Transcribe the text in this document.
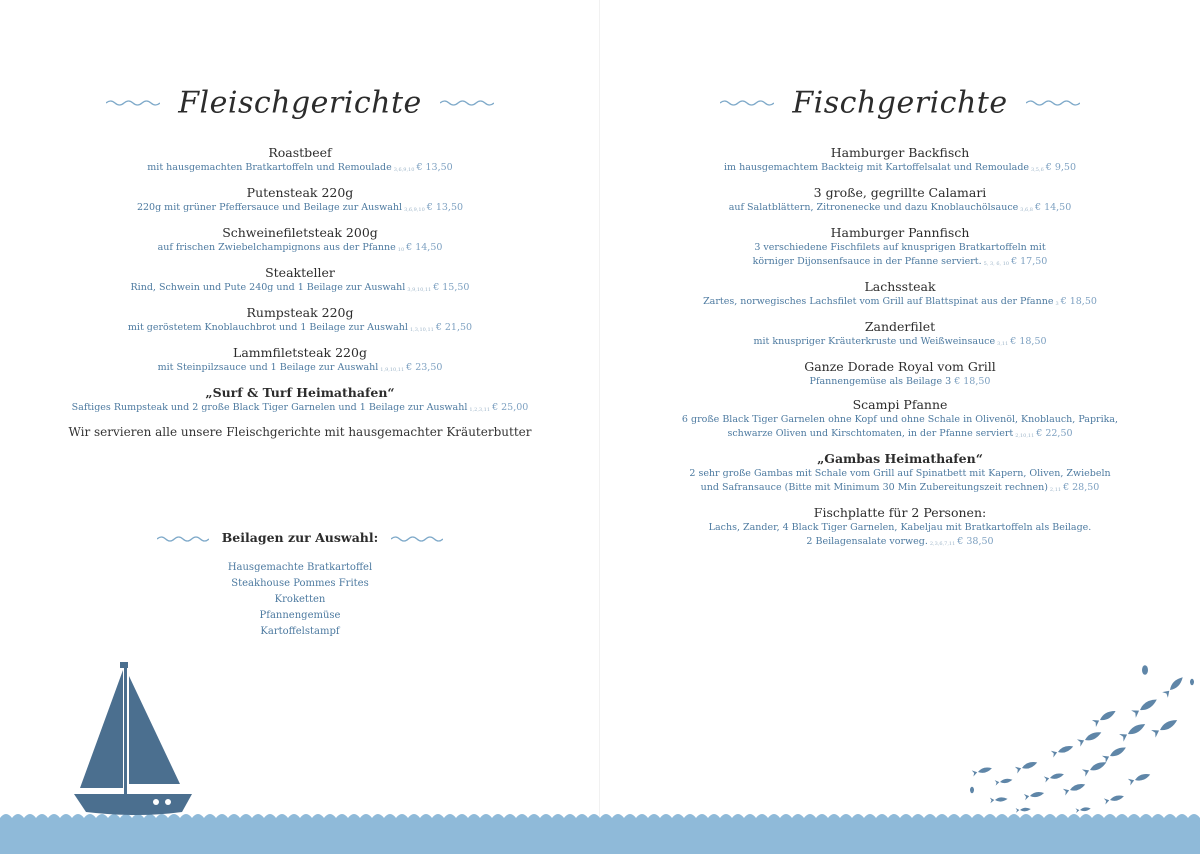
Fleischgerichte
Roastbeef
mit hausgemachten Bratkartoffeln und Remoulade $_{3,6,9,10}$ € 13,50
Putensteak 220g
220g mit grüner Pfeffersauce und Beilage zur Auswahl $_{3,6,9,10}$ € 13,50
Schweinefiletsteak 200g
auf frischen Zwiebelchampignons aus der Pfanne $_{10}$ € 14,50
Steakteller
Rind, Schwein und Pute 240g und 1 Beilage zur Auswahl $_{3,9,10,11}$ € 15,50
Rumpsteak 220g
mit geröstetem Knoblauchbrot und 1 Beilage zur Auswahl $_{1,3,10,11}$ € 21,50
Lammfiletsteak 220g
mit Steinpilzsauce und 1 Beilage zur Auswahl $_{1,9,10,11}$ € 23,50
„Surf & Turf Heimathafen“
Saftiges Rumpsteak und 2 große Black Tiger Garnelen und 1 Beilage zur Auswahl $_{1,2,3,11}$ € 25,00
Wir servieren alle unsere Fleischgerichte mit hausgemachter Kräuterbutter
Beilagen zur Auswahl:
Hausgemachte Bratkartoffel
Steakhouse Pommes Frites
Kroketten
Pfannengemüse
Kartoffelstampf
Fischgerichte
Hamburger Backfisch
im hausgemachtem Backteig mit Kartoffelsalat und Remoulade $_{3,5,6}$ € 9,50
3 große, gegrillte Calamari
auf Salatblättern, Zitronenecke und dazu Knoblauchölsauce $_{3,6,8}$ € 14,50
Hamburger Pannfisch
3 verschiedene Fischfilets auf knusprigen Bratkartoffeln mit
körniger Dijonsenfsauce in der Pfanne serviert. $_{5, 3, 6, 10}$ € 17,50
Lachssteak
Zartes, norwegisches Lachsfilet vom Grill auf Blattspinat aus der Pfanne $_3$ € 18,50
Zanderfilet
mit knuspriger Kräuterkruste und Weißweinsauce $_{3,11}$ € 18,50
Ganze Dorade Royal vom Grill
Pfannengemüse als Beilage 3 € 18,50
Scampi Pfanne
6 große Black Tiger Garnelen ohne Kopf und ohne Schale in Olivenöl, Knoblauch, Paprika,
schwarze Oliven und Kirschtomaten, in der Pfanne serviert $_{2,10,11}$ € 22,50
„Gambas Heimathafen“
2 sehr große Gambas mit Schale vom Grill auf Spinatbett mit Kapern, Oliven, Zwiebeln
und Safransauce (Bitte mit Minimum 30 Min Zubereitungszeit rechnen) $_{2,11}$ € 28,50
Fischplatte für 2 Personen:
Lachs, Zander, 4 Black Tiger Garnelen, Kabeljau mit Bratkartoffeln als Beilage.
2 Beilagensalate vorweg. $_{2,3,6,7,11}$ € 38,50
